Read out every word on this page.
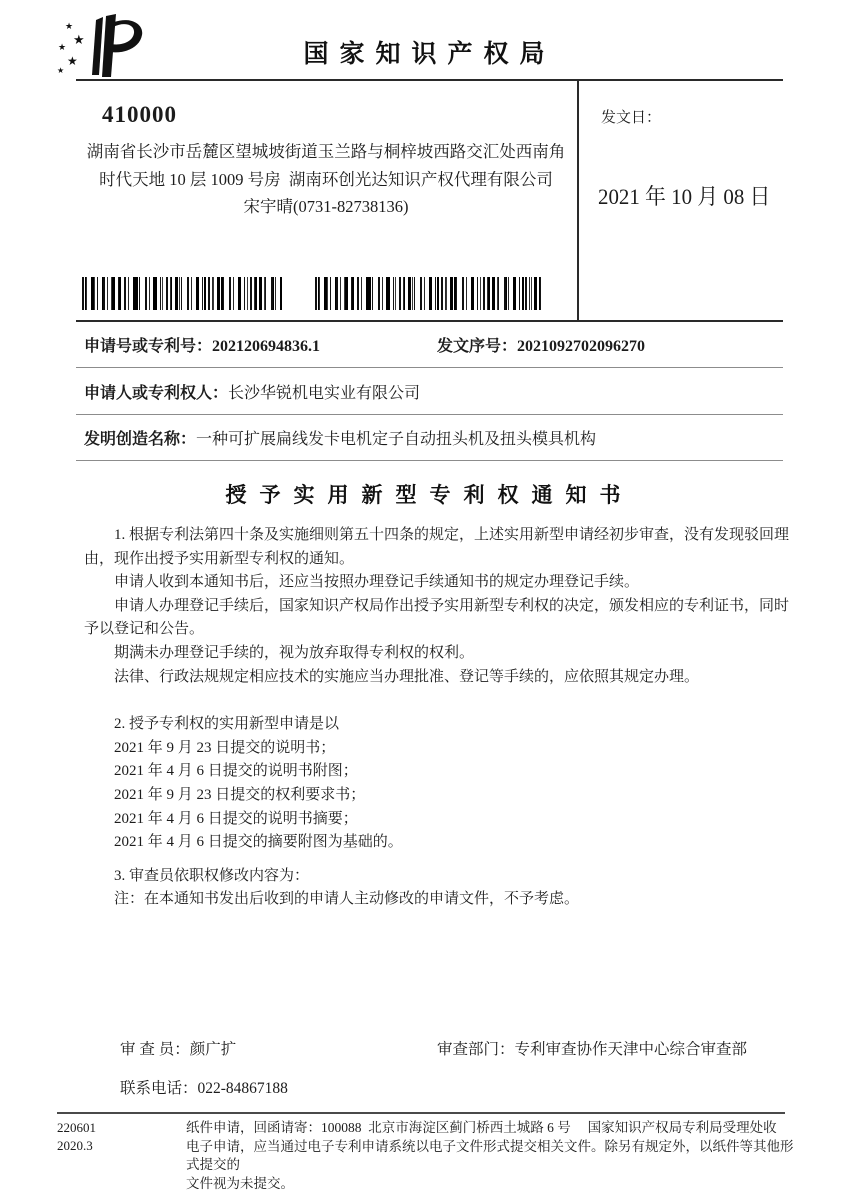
★
★
★
★
★
国家知识产权局
410000
湖南省长沙市岳麓区望城坡街道玉兰路与桐梓坡西路交汇处西南角
时代天地 10 层 1009 号房  湖南环创光达知识产权代理有限公司
宋宇晴(0731-82738136)
发文日：
2021 年 10 月 08 日
申请号或专利号：202120694836.1	发文序号：2021092702096270
申请人或专利权人：长沙华锐机电实业有限公司
发明创造名称：一种可扩展扁线发卡电机定子自动扭头机及扭头模具机构
授予实用新型专利权通知书

1. 根据专利法第四十条及实施细则第五十四条的规定，上述实用新型申请经初步审查，没有发现驳回理由，现作出授予实用新型专利权的通知。

申请人收到本通知书后，还应当按照办理登记手续通知书的规定办理登记手续。

申请人办理登记手续后，国家知识产权局作出授予实用新型专利权的决定，颁发相应的专利证书，同时予以登记和公告。

期满未办理登记手续的，视为放弃取得专利权的权利。

法律、行政法规规定相应技术的实施应当办理批准、登记等手续的，应依照其规定办理。

2. 授予专利权的实用新型申请是以

2021 年 9 月 23 日提交的说明书；

2021 年 4 月 6 日提交的说明书附图；

2021 年 9 月 23 日提交的权利要求书；

2021 年 4 月 6 日提交的说明书摘要；

2021 年 4 月 6 日提交的摘要附图为基础的。

3. 审查员依职权修改内容为：

注：在本通知书发出后收到的申请人主动修改的申请文件，不予考虑。

审 查 员：颜广扩	审查部门：专利审查协作天津中心综合审查部
联系电话：022-84867188
220601
2020.3
纸件申请，回函请寄：100088  北京市海淀区蓟门桥西土城路 6 号　 国家知识产权局专利局受理处收
电子申请，应当通过电子专利申请系统以电子文件形式提交相关文件。除另有规定外，以纸件等其他形式提交的
文件视为未提交。
